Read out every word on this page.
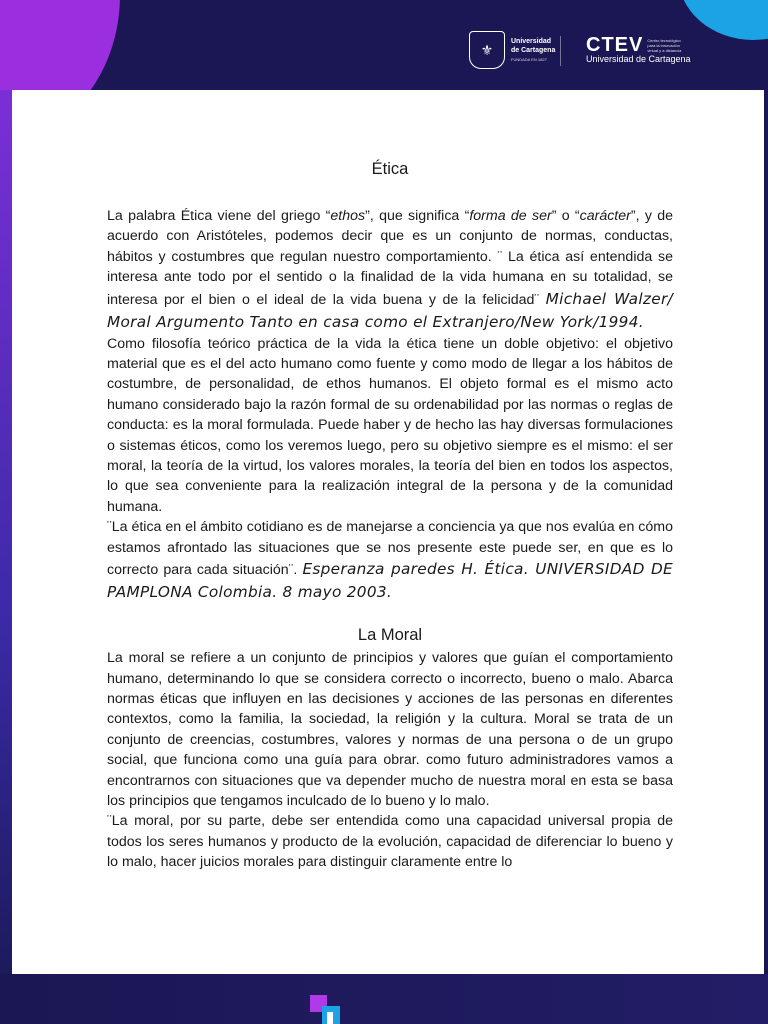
⚜
Universidad
de Cartagena
FUNDADA EN 1827
CTEV Centro tecnológico para la innovación virtual y a distancia
Universidad de Cartagena
Ética

La palabra Ética viene del griego “ethos”, que significa “forma de ser” o “carácter”, y de acuerdo con Aristóteles, podemos decir que es un conjunto de normas, conductas, hábitos y costumbres que regulan nuestro comportamiento. ¨ La ética así entendida se interesa ante todo por el sentido o la finalidad de la vida humana en su totalidad, se interesa por el bien o el ideal de la vida buena y de la felicidad¨ Michael Walzer/ Moral Argumento Tanto en casa como el Extranjero/New York/1994.

Como filosofía teórico práctica de la vida la ética tiene un doble objetivo: el objetivo material que es el del acto humano como fuente y como modo de llegar a los hábitos de costumbre, de personalidad, de ethos humanos. El objeto formal es el mismo acto humano considerado bajo la razón formal de su ordenabilidad por las normas o reglas de conducta: es la moral formulada. Puede haber y de hecho las hay diversas formulaciones o sistemas éticos, como los veremos luego, pero su objetivo siempre es el mismo: el ser moral, la teoría de la virtud, los valores morales, la teoría del bien en todos los aspectos, lo que sea conveniente para la realización integral de la persona y de la comunidad humana.

¨La ética en el ámbito cotidiano es de manejarse a conciencia ya que nos evalúa en cómo estamos afrontado las situaciones que se nos presente este puede ser, en que es lo correcto para cada situación¨. Esperanza paredes H. Ética. UNIVERSIDAD DE PAMPLONA Colombia. 8 mayo 2003.

La Moral

La moral se refiere a un conjunto de principios y valores que guían el comportamiento humano, determinando lo que se considera correcto o incorrecto, bueno o malo. Abarca normas éticas que influyen en las decisiones y acciones de las personas en diferentes contextos, como la familia, la sociedad, la religión y la cultura. Moral se trata de un conjunto de creencias, costumbres, valores y normas de una persona o de un grupo social, que funciona como una guía para obrar. como futuro administradores vamos a encontrarnos con situaciones que va depender mucho de nuestra moral en esta se basa los principios que tengamos inculcado de lo bueno y lo malo.

¨La moral, por su parte, debe ser entendida como una capacidad universal propia de todos los seres humanos y producto de la evolución, capacidad de diferenciar lo bueno y lo malo, hacer juicios morales para distinguir claramente entre lo
